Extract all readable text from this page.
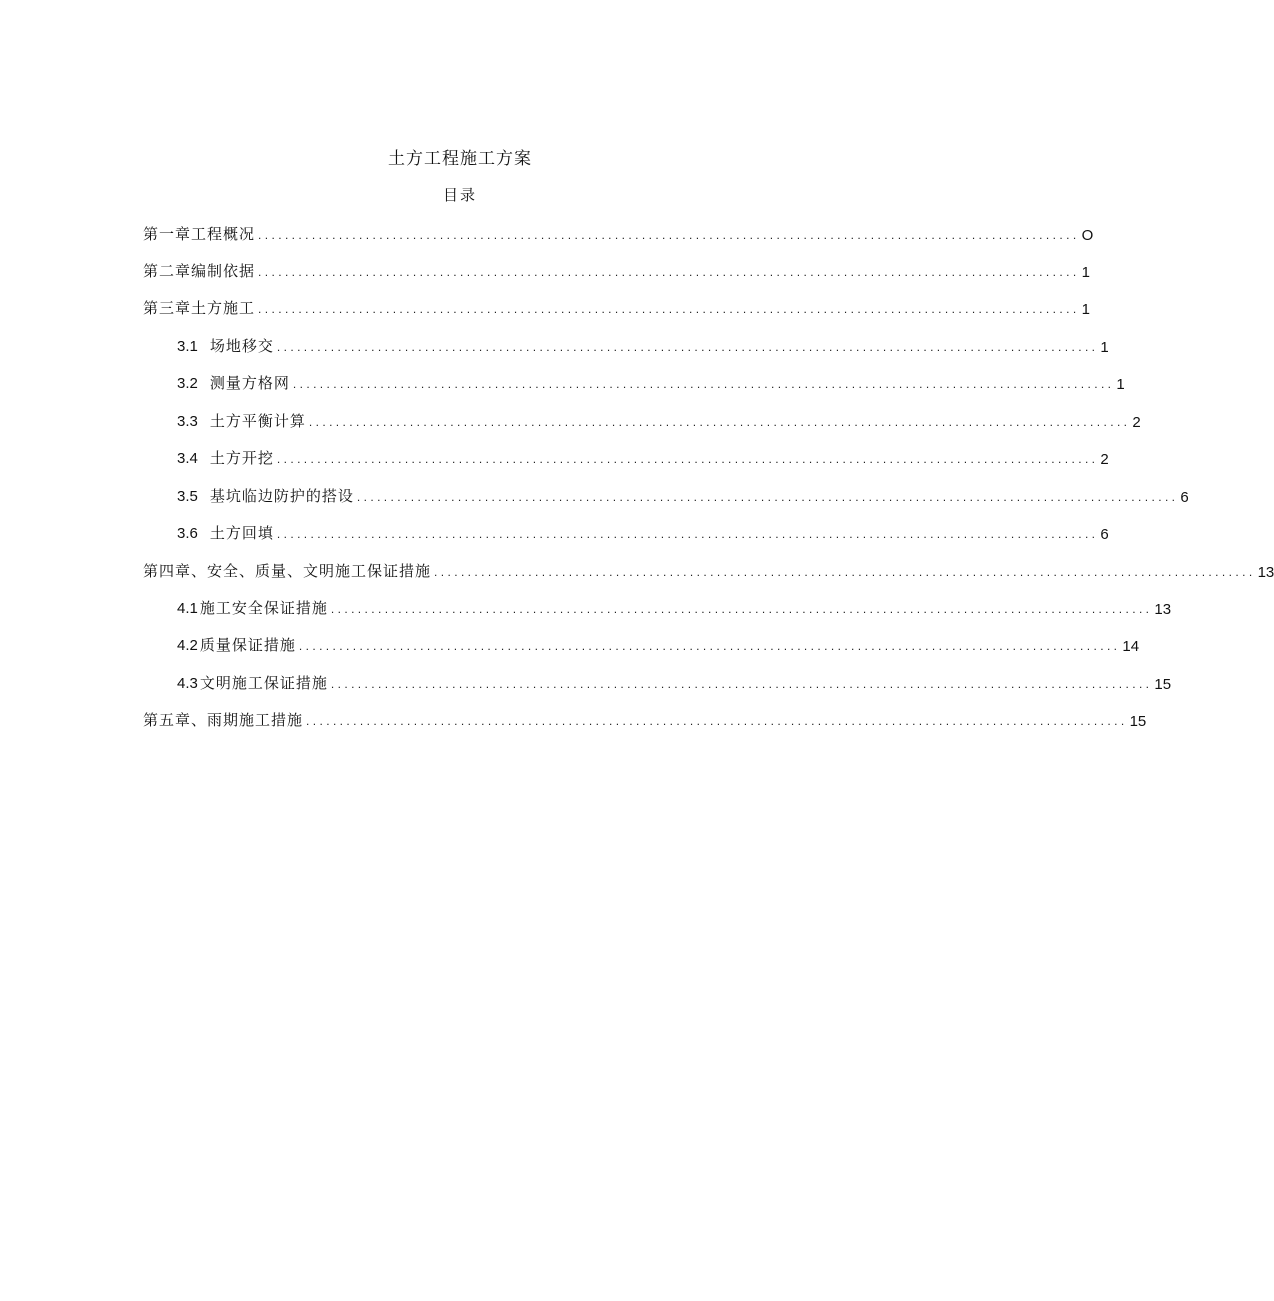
土方工程施工方案
目录
第一章工程概况 .......................................................................................................................... O
第二章编制依据 .......................................................................................................................... 1
第三章土方施工 .......................................................................................................................... 1
3.1 场地移交 .......................................................................................................................... 1
3.2 测量方格网 .......................................................................................................................... 1
3.3 土方平衡计算 .......................................................................................................................... 2
3.4 土方开挖 .......................................................................................................................... 2
3.5 基坑临边防护的搭设 .......................................................................................................................... 6
3.6 土方回填 .......................................................................................................................... 6
第四章、安全、质量、文明施工保证措施 .......................................................................................................................... 13
4.1 施工安全保证措施 .......................................................................................................................... 13
4.2 质量保证措施 .......................................................................................................................... 14
4.3 文明施工保证措施 .......................................................................................................................... 15
第五章、雨期施工措施 .......................................................................................................................... 15
